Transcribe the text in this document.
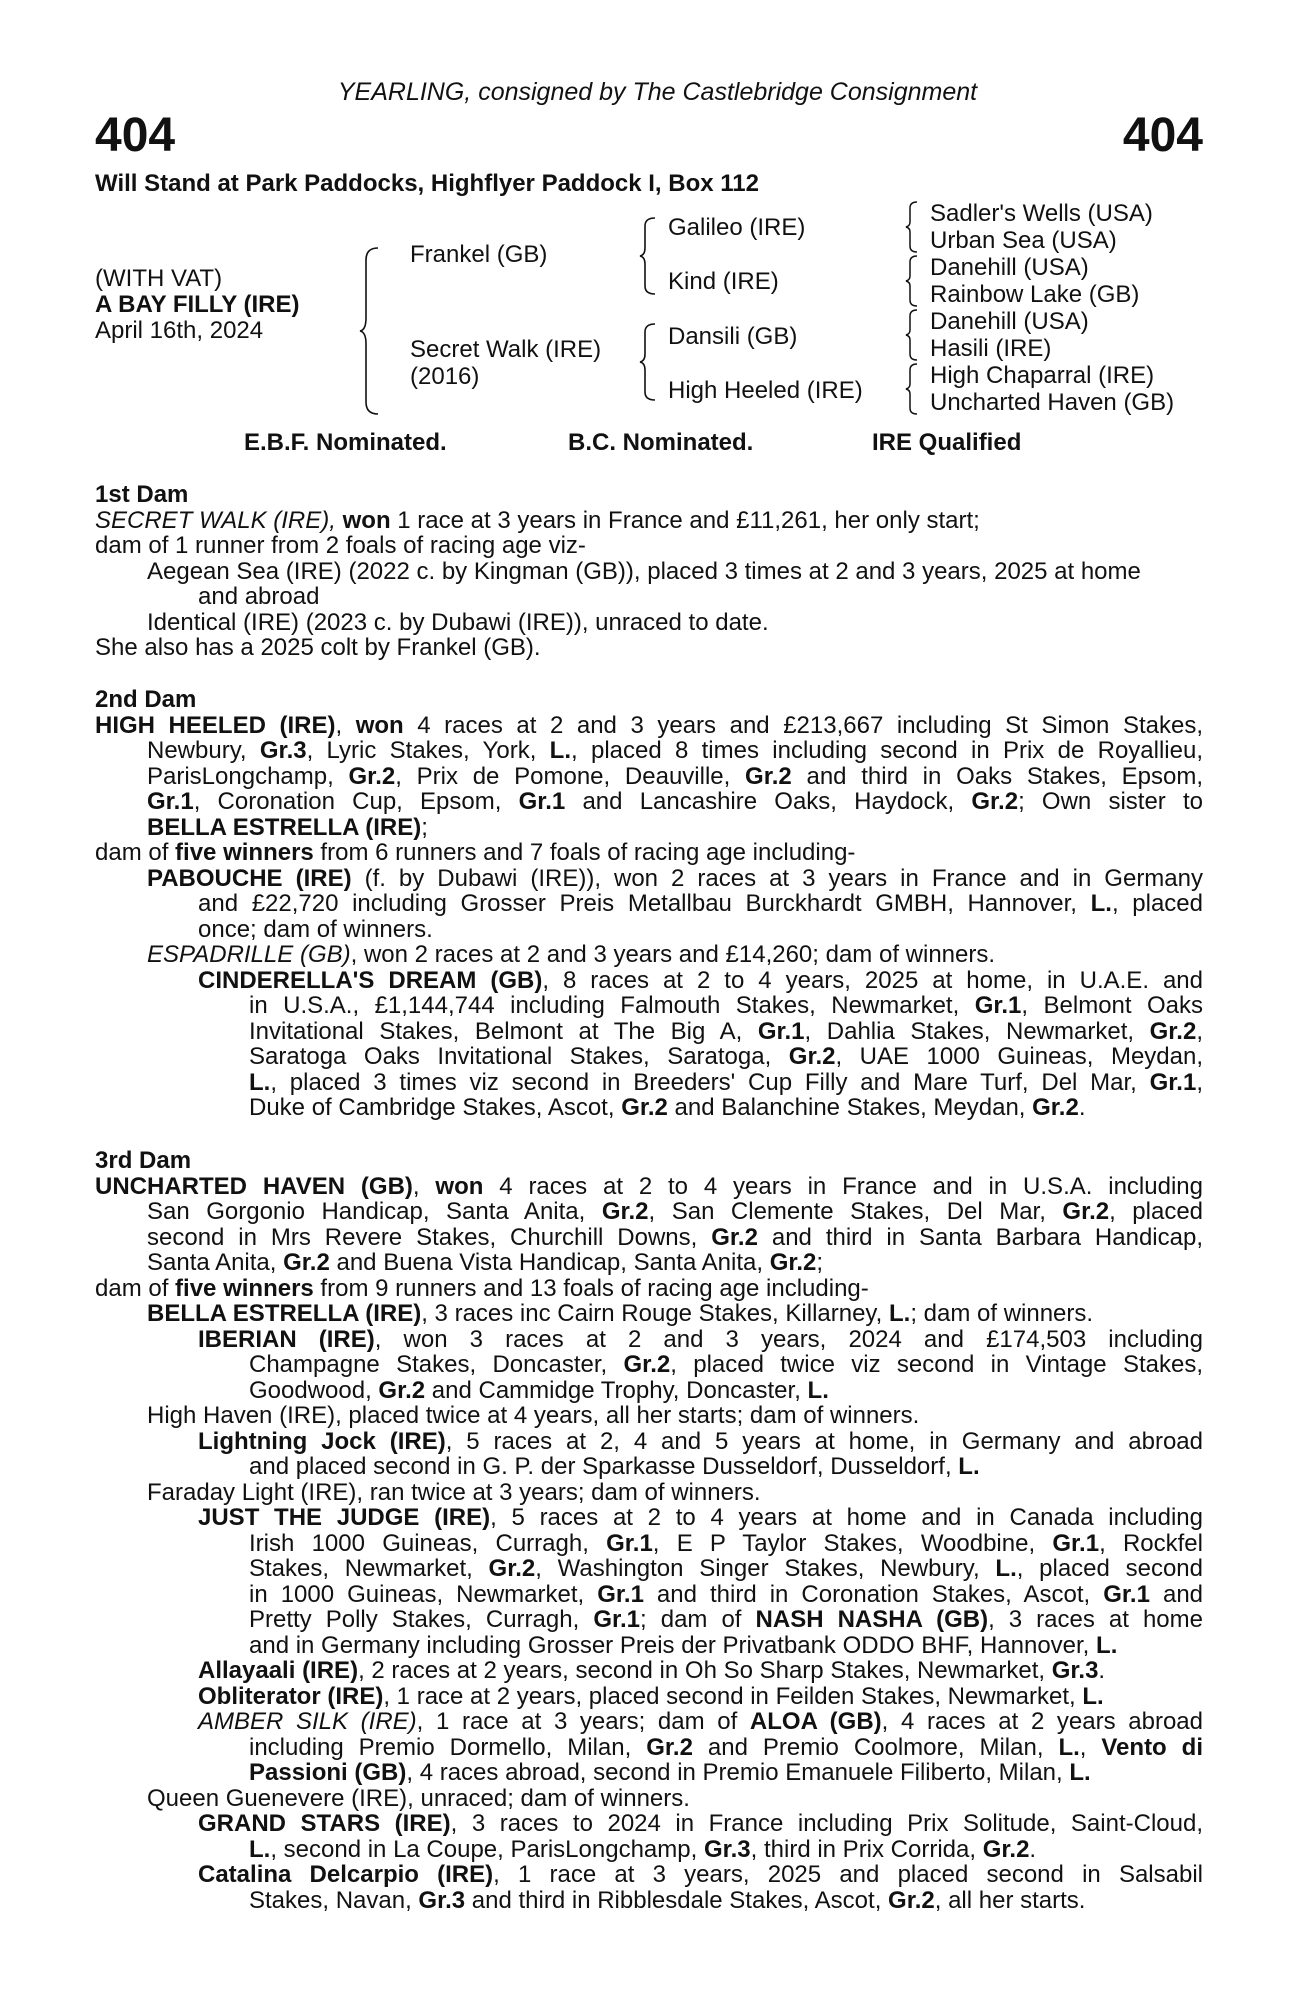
YEARLING, consigned by The Castlebridge Consignment
404	404
Will Stand at Park Paddocks, Highflyer Paddock I, Box 112
(WITH VAT)
A BAY FILLY (IRE)
April 16th, 2024
Frankel (GB)
Secret Walk (IRE)
(2016)
Galileo (IRE)
Kind (IRE)
Dansili (GB)
High Heeled (IRE)
Sadler's Wells (USA)
Urban Sea (USA)
Danehill (USA)
Rainbow Lake (GB)
Danehill (USA)
Hasili (IRE)
High Chaparral (IRE)
Uncharted Haven (GB)
E.B.F. Nominated.	B.C. Nominated.	IRE Qualified
1st Dam
SECRET WALK (IRE), won 1 race at 3 years in France and £11,261, her only start;
dam of 1 runner from 2 foals of racing age viz-
Aegean Sea (IRE) (2022 c. by Kingman (GB)), placed 3 times at 2 and 3 years, 2025 at home
and abroad
Identical (IRE) (2023 c. by Dubawi (IRE)), unraced to date.
She also has a 2025 colt by Frankel (GB).
2nd Dam
HIGH HEELED (IRE), won 4 races at 2 and 3 years and £213,667 including St Simon Stakes,
Newbury, Gr.3, Lyric Stakes, York, L., placed 8 times including second in Prix de Royallieu,
ParisLongchamp, Gr.2, Prix de Pomone, Deauville, Gr.2 and third in Oaks Stakes, Epsom,
Gr.1, Coronation Cup, Epsom, Gr.1 and Lancashire Oaks, Haydock, Gr.2; Own sister to
BELLA ESTRELLA (IRE);
dam of five winners from 6 runners and 7 foals of racing age including-
PABOUCHE (IRE) (f. by Dubawi (IRE)), won 2 races at 3 years in France and in Germany
and £22,720 including Grosser Preis Metallbau Burckhardt GMBH, Hannover, L., placed
once; dam of winners.
ESPADRILLE (GB), won 2 races at 2 and 3 years and £14,260; dam of winners.
CINDERELLA'S DREAM (GB), 8 races at 2 to 4 years, 2025 at home, in U.A.E. and
in U.S.A., £1,144,744 including Falmouth Stakes, Newmarket, Gr.1, Belmont Oaks
Invitational Stakes, Belmont at The Big A, Gr.1, Dahlia Stakes, Newmarket, Gr.2,
Saratoga Oaks Invitational Stakes, Saratoga, Gr.2, UAE 1000 Guineas, Meydan,
L., placed 3 times viz second in Breeders' Cup Filly and Mare Turf, Del Mar, Gr.1,
Duke of Cambridge Stakes, Ascot, Gr.2 and Balanchine Stakes, Meydan, Gr.2.
3rd Dam
UNCHARTED HAVEN (GB), won 4 races at 2 to 4 years in France and in U.S.A. including
San Gorgonio Handicap, Santa Anita, Gr.2, San Clemente Stakes, Del Mar, Gr.2, placed
second in Mrs Revere Stakes, Churchill Downs, Gr.2 and third in Santa Barbara Handicap,
Santa Anita, Gr.2 and Buena Vista Handicap, Santa Anita, Gr.2;
dam of five winners from 9 runners and 13 foals of racing age including-
BELLA ESTRELLA (IRE), 3 races inc Cairn Rouge Stakes, Killarney, L.; dam of winners.
IBERIAN (IRE), won 3 races at 2 and 3 years, 2024 and £174,503 including
Champagne Stakes, Doncaster, Gr.2, placed twice viz second in Vintage Stakes,
Goodwood, Gr.2 and Cammidge Trophy, Doncaster, L.
High Haven (IRE), placed twice at 4 years, all her starts; dam of winners.
Lightning Jock (IRE), 5 races at 2, 4 and 5 years at home, in Germany and abroad
and placed second in G. P. der Sparkasse Dusseldorf, Dusseldorf, L.
Faraday Light (IRE), ran twice at 3 years; dam of winners.
JUST THE JUDGE (IRE), 5 races at 2 to 4 years at home and in Canada including
Irish 1000 Guineas, Curragh, Gr.1, E P Taylor Stakes, Woodbine, Gr.1, Rockfel
Stakes, Newmarket, Gr.2, Washington Singer Stakes, Newbury, L., placed second
in 1000 Guineas, Newmarket, Gr.1 and third in Coronation Stakes, Ascot, Gr.1 and
Pretty Polly Stakes, Curragh, Gr.1; dam of NASH NASHA (GB), 3 races at home
and in Germany including Grosser Preis der Privatbank ODDO BHF, Hannover, L.
Allayaali (IRE), 2 races at 2 years, second in Oh So Sharp Stakes, Newmarket, Gr.3.
Obliterator (IRE), 1 race at 2 years, placed second in Feilden Stakes, Newmarket, L.
AMBER SILK (IRE), 1 race at 3 years; dam of ALOA (GB), 4 races at 2 years abroad
including Premio Dormello, Milan, Gr.2 and Premio Coolmore, Milan, L., Vento di
Passioni (GB), 4 races abroad, second in Premio Emanuele Filiberto, Milan, L.
Queen Guenevere (IRE), unraced; dam of winners.
GRAND STARS (IRE), 3 races to 2024 in France including Prix Solitude, Saint-Cloud,
L., second in La Coupe, ParisLongchamp, Gr.3, third in Prix Corrida, Gr.2.
Catalina Delcarpio (IRE), 1 race at 3 years, 2025 and placed second in Salsabil
Stakes, Navan, Gr.3 and third in Ribblesdale Stakes, Ascot, Gr.2, all her starts.
